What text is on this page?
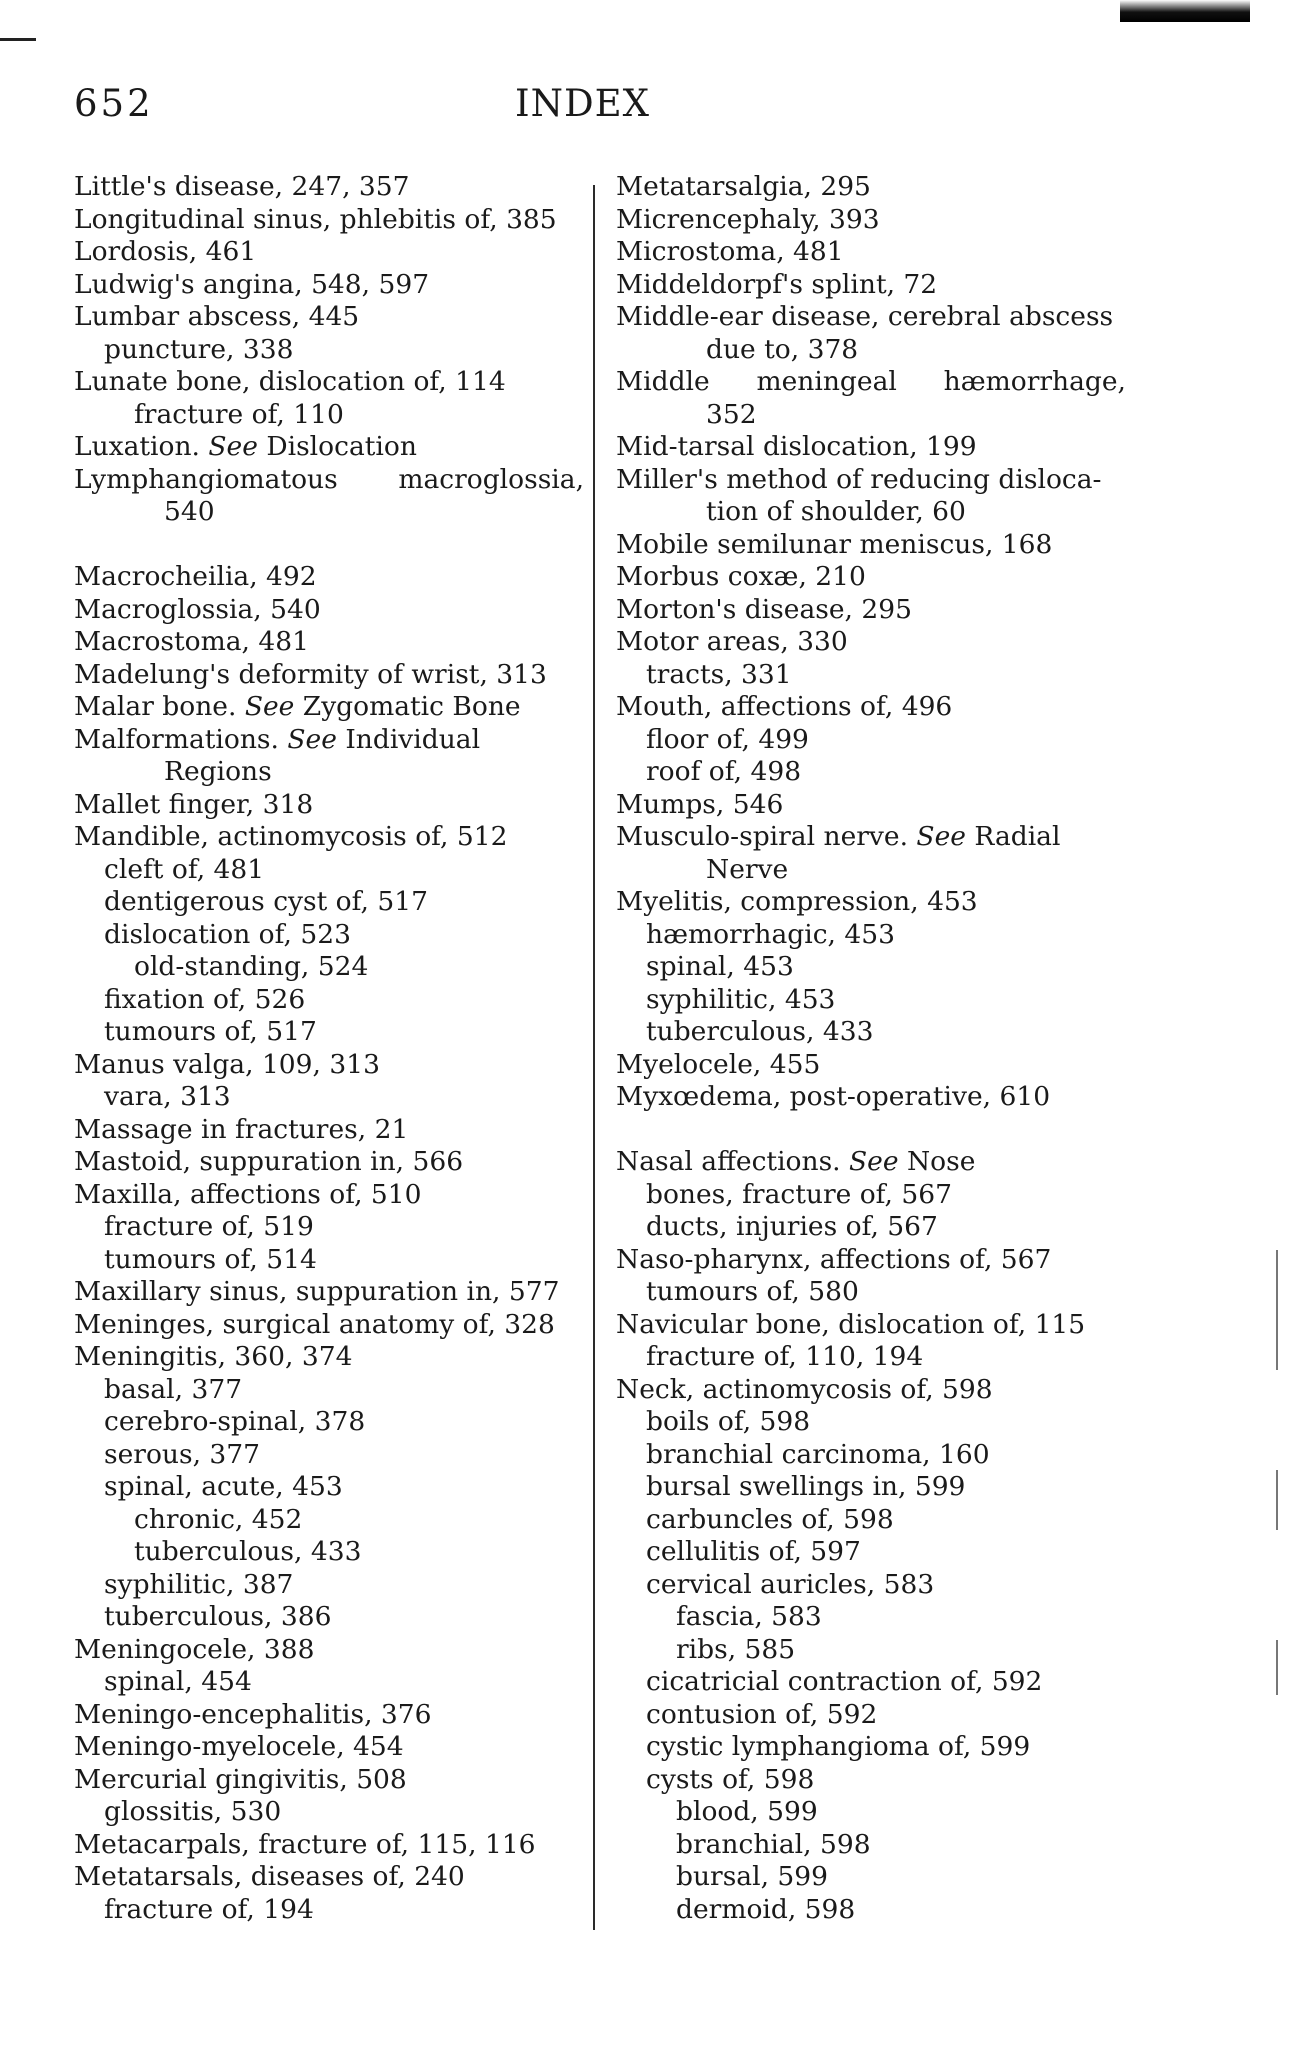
652	INDEX
Little's disease, 247, 357
Longitudinal sinus, phlebitis of, 385
Lordosis, 461
Ludwig's angina, 548, 597
Lumbar abscess, 445
puncture, 338
Lunate bone, dislocation of, 114
fracture of, 110
Luxation. See Dislocation
Lymphangiomatous macroglossia,
540
Macrocheilia, 492
Macroglossia, 540
Macrostoma, 481
Madelung's deformity of wrist, 313
Malar bone. See Zygomatic Bone
Malformations. See Individual
Regions
Mallet finger, 318
Mandible, actinomycosis of, 512
cleft of, 481
dentigerous cyst of, 517
dislocation of, 523
old-standing, 524
fixation of, 526
tumours of, 517
Manus valga, 109, 313
vara, 313
Massage in fractures, 21
Mastoid, suppuration in, 566
Maxilla, affections of, 510
fracture of, 519
tumours of, 514
Maxillary sinus, suppuration in, 577
Meninges, surgical anatomy of, 328
Meningitis, 360, 374
basal, 377
cerebro-spinal, 378
serous, 377
spinal, acute, 453
chronic, 452
tuberculous, 433
syphilitic, 387
tuberculous, 386
Meningocele, 388
spinal, 454
Meningo-encephalitis, 376
Meningo-myelocele, 454
Mercurial gingivitis, 508
glossitis, 530
Metacarpals, fracture of, 115, 116
Metatarsals, diseases of, 240
fracture of, 194
Metatarsalgia, 295
Micrencephaly, 393
Microstoma, 481
Middeldorpf's splint, 72
Middle-ear disease, cerebral abscess
due to, 378
Middle meningeal hæmorrhage,
352
Mid-tarsal dislocation, 199
Miller's method of reducing disloca-
tion of shoulder, 60
Mobile semilunar meniscus, 168
Morbus coxæ, 210
Morton's disease, 295
Motor areas, 330
tracts, 331
Mouth, affections of, 496
floor of, 499
roof of, 498
Mumps, 546
Musculo-spiral nerve. See Radial
Nerve
Myelitis, compression, 453
hæmorrhagic, 453
spinal, 453
syphilitic, 453
tuberculous, 433
Myelocele, 455
Myxœdema, post-operative, 610
Nasal affections. See Nose
bones, fracture of, 567
ducts, injuries of, 567
Naso-pharynx, affections of, 567
tumours of, 580
Navicular bone, dislocation of, 115
fracture of, 110, 194
Neck, actinomycosis of, 598
boils of, 598
branchial carcinoma, 160
bursal swellings in, 599
carbuncles of, 598
cellulitis of, 597
cervical auricles, 583
fascia, 583
ribs, 585
cicatricial contraction of, 592
contusion of, 592
cystic lymphangioma of, 599
cysts of, 598
blood, 599
branchial, 598
bursal, 599
dermoid, 598
